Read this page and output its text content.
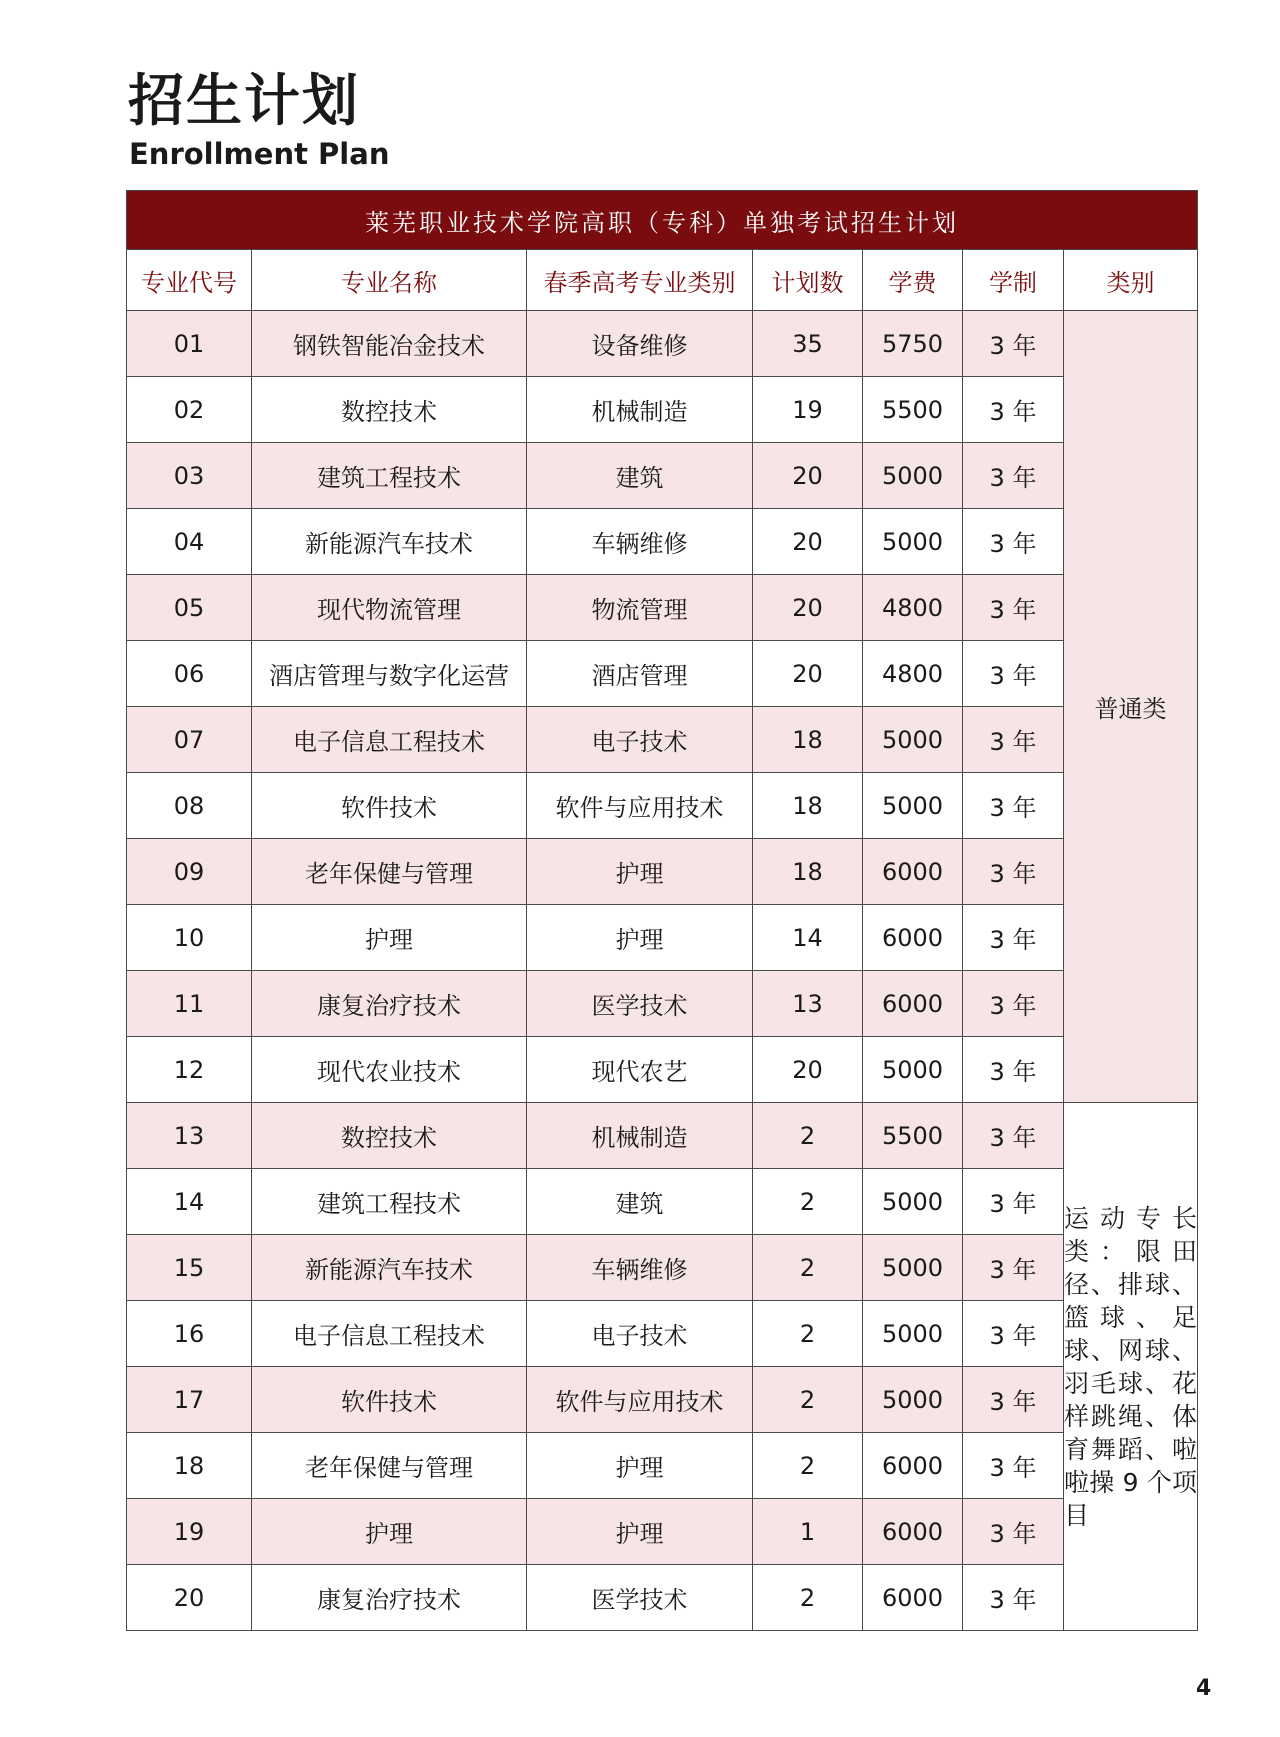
招生计划
Enrollment Plan
莱芜职业技术学院高职（专科）单独考试招生计划						
专业代号	专业名称	春季高考专业类别	计划数	学费	学制	类别
01	钢铁智能冶金技术	设备维修	35	5750	3 年	普通类
02	数控技术	机械制造	19	5500	3 年	
03	建筑工程技术	建筑	20	5000	3 年	
04	新能源汽车技术	车辆维修	20	5000	3 年	
05	现代物流管理	物流管理	20	4800	3 年	
06	酒店管理与数字化运营	酒店管理	20	4800	3 年	
07	电子信息工程技术	电子技术	18	5000	3 年	
08	软件技术	软件与应用技术	18	5000	3 年	
09	老年保健与管理	护理	18	6000	3 年	
10	护理	护理	14	6000	3 年	
11	康复治疗技术	医学技术	13	6000	3 年	
12	现代农业技术	现代农艺	20	5000	3 年	
13	数控技术	机械制造	2	5500	3 年	运动专长类：限田径、排球、篮球、足球、网球、羽毛球、花样跳绳、体育舞蹈、啦啦操 9 个项目

14	建筑工程技术	建筑	2	5000	3 年	
15	新能源汽车技术	车辆维修	2	5000	3 年	
16	电子信息工程技术	电子技术	2	5000	3 年	
17	软件技术	软件与应用技术	2	5000	3 年	
18	老年保健与管理	护理	2	6000	3 年	
19	护理	护理	1	6000	3 年	
20	康复治疗技术	医学技术	2	6000	3 年	
4
